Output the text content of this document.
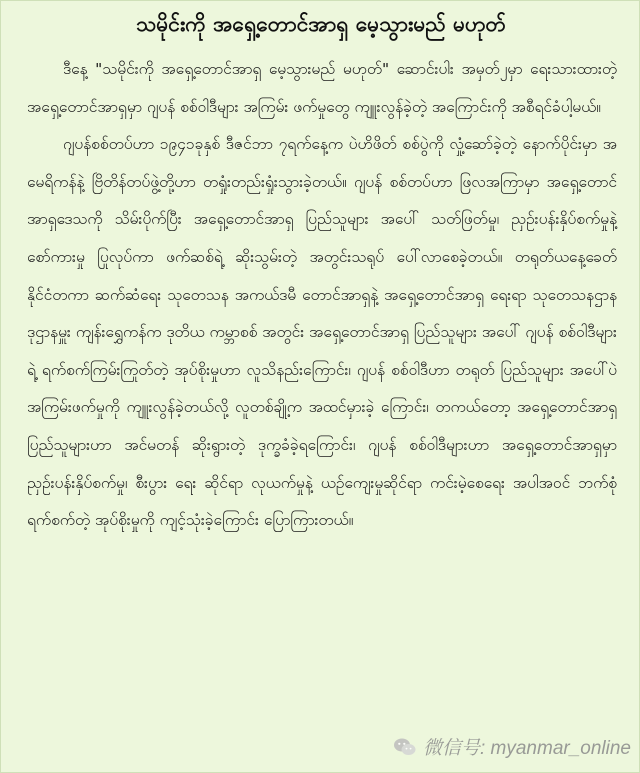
သမိုင်းကို အရှေ့တောင်အာရှ မေ့သွားမည် မဟုတ်

ဒီနေ့ "သမိုင်းကို အရှေ့တောင်အာရှ မေ့သွားမည် မဟုတ်" ဆောင်းပါး အမှတ်၂မှာ ရေးသားထားတဲ့ အရှေ့တောင်အာရှမှာ ဂျပန် စစ်ဝါဒီများ အကြမ်း ဖက်မှုတွေ ကျူးလွန်ခဲ့တဲ့ အကြောင်းကို အစီရင်ခံပါ့မယ်။

ဂျပန်စစ်တပ်ဟာ ၁၉၄၁ခုနှစ် ဒီဇင်ဘာ ၇ရက်နေ့က ပဲဟိဖိတ် စစ်ပွဲကို လှုံ့ဆော်ခဲ့တဲ့ နောက်ပိုင်းမှာ အမေရိကန်နဲ့ ဗြိတိန်တပ်ဖွဲ့တို့ဟာ တရှုံးတည်းရှုံးသွားခဲ့တယ်။ ဂျပန် စစ်တပ်ဟာ ဖြလအကြာမှာ အရှေ့တောင်အာရှဒေသကို သိမ်းပိုက်ပြီး အရှေ့တောင်အာရှ ပြည်သူများ အပေါ် သတ်ဖြတ်မှု၊ ညှဉ်းပန်းနှိပ်စက်မှုနဲ့ စော်ကားမှု ပြုလုပ်ကာ ဖက်ဆစ်ရဲ့ ဆိုးသွမ်းတဲ့ အတွင်းသရုပ် ပေါ်လာစေခဲ့တယ်။ တရုတ်ယနေ့ခေတ် နိုင်ငံတကာ ဆက်ဆံရေး သုတေသန အကယ်ဒမီ တောင်အာရှနဲ့ အရှေ့တောင်အာရှ ရေးရာ သုတေသနဌာန ဒုဌာနမှူး ကျန်းရွှေကန်က ဒုတိယ ကမ္ဘာစစ် အတွင်း အရှေ့တောင်အာရှ ပြည်သူများ အပေါ် ဂျပန် စစ်ဝါဒီများရဲ့ ရက်စက်ကြမ်းကြုတ်တဲ့ အုပ်စိုးမှုဟာ လူသိနည်းကြောင်း၊ ဂျပန် စစ်ဝါဒီဟာ တရုတ် ပြည်သူများ အပေါ်ပဲ အကြမ်းဖက်မှုကို ကျူးလွန်ခဲ့တယ်လို့ လူတစ်ချို့က အထင်မှားခဲ့ ကြောင်း၊ တကယ်တော့ အရှေ့တောင်အာရှ ပြည်သူများဟာ အင်မတန် ဆိုးရွားတဲ့ ဒုက္ခခံခဲ့ရကြောင်း၊ ဂျပန် စစ်ဝါဒီများဟာ အရှေ့တောင်အာရှမှာ ညှဉ်းပန်းနှိပ်စက်မှု၊ စီးပွား ရေး ဆိုင်ရာ လုယက်မှုနဲ့ ယဉ်ကျေးမှုဆိုင်ရာ ကင်းမဲ့စေရေး အပါအဝင် ဘက်စုံ ရက်စက်တဲ့ အုပ်စိုးမှုကို ကျင့်သုံးခဲ့ကြောင်း ပြောကြားတယ်။

微信号: myanmar_online
